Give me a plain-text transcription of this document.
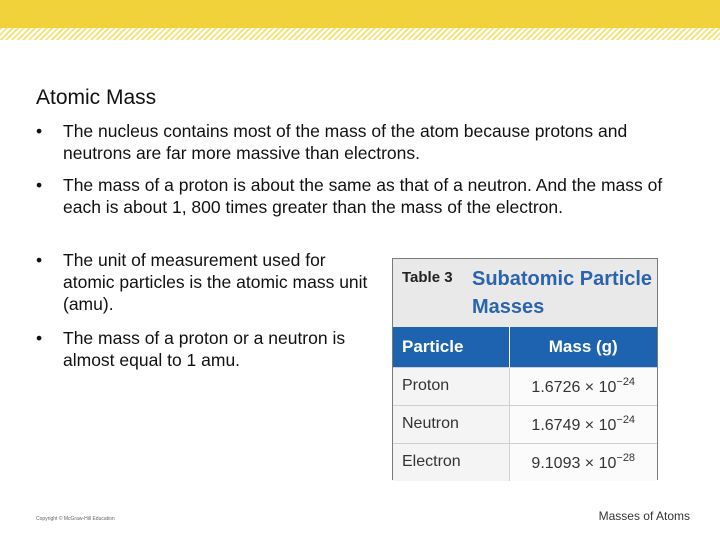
Atomic Mass
•	The nucleus contains most of the mass of the atom because protons and neutrons are far more massive than electrons.
•	The mass of a proton is about the same as that of a neutron. And the mass of each is about 1, 800 times greater than the mass of the electron.
•	The unit of measurement used for atomic particles is the atomic mass unit (amu).
•	The mass of a proton or a neutron is almost equal to 1 amu.
Table 3 Subatomic Particle Masses
Particle	Mass (g)
Proton	$1.6726 \times 10^{-24}$
Neutron	$1.6749 \times 10^{-24}$
Electron	$9.1093 \times 10^{-28}$
Copyright © McGraw-Hill Education	Masses of Atoms
